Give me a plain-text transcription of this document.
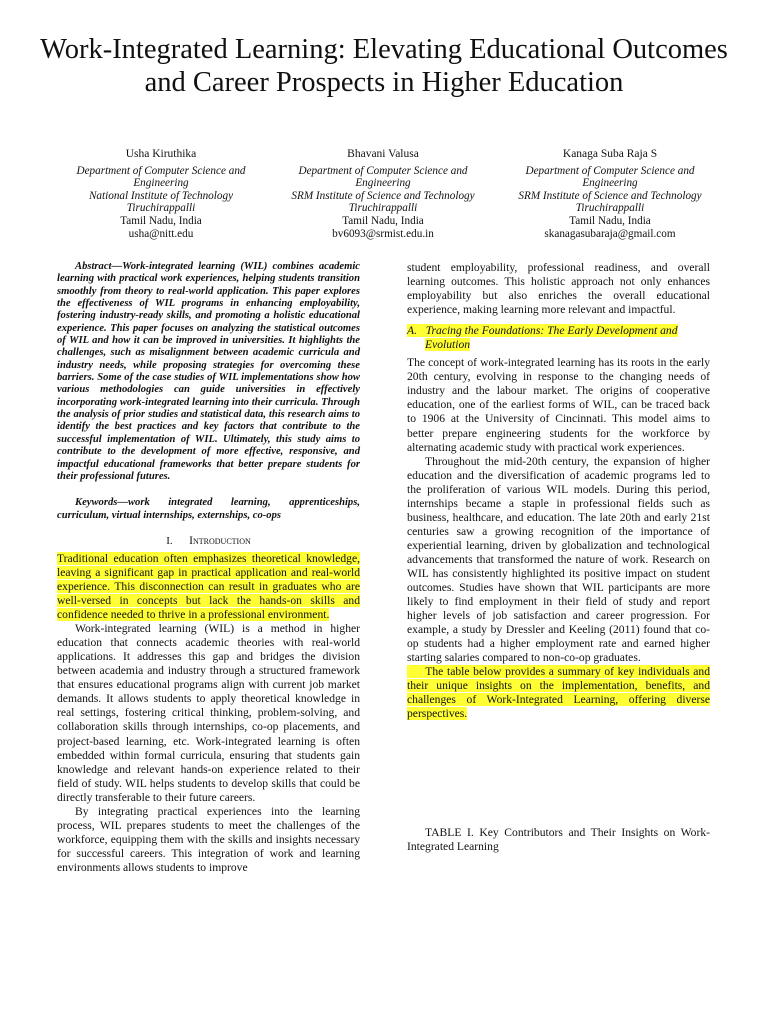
Work-Integrated Learning: Elevating Educational Outcomes and Career Prospects in Higher Education
Usha Kiruthika
Department of Computer Science and Engineering
National Institute of Technology Tiruchirappalli
Tamil Nadu, India
usha@nitt.edu
Bhavani Valusa
Department of Computer Science and Engineering
SRM Institute of Science and Technology Tiruchirappalli
Tamil Nadu, India
bv6093@srmist.edu.in
Kanaga Suba Raja S
Department of Computer Science and Engineering
SRM Institute of Science and Technology Tiruchirappalli
Tamil Nadu, India
skanagasubaraja@gmail.com

Abstract—Work-integrated learning (WIL) combines academic learning with practical work experiences, helping students transition smoothly from theory to real-world application. This paper explores the effectiveness of WIL programs in enhancing employability, fostering industry-ready skills, and promoting a holistic educational experience. This paper focuses on analyzing the statistical outcomes of WIL and how it can be improved in universities. It highlights the challenges, such as misalignment between academic curricula and industry needs, while proposing strategies for overcoming these barriers. Some of the case studies of WIL implementations show how various methodologies can guide universities in effectively incorporating work-integrated learning into their curricula. Through the analysis of prior studies and statistical data, this research aims to identify the best practices and key factors that contribute to the successful implementation of WIL. Ultimately, this study aims to contribute to the development of more effective, responsive, and impactful educational frameworks that better prepare students for their professional futures.

Keywords—work integrated learning, apprenticeships, curriculum, virtual internships, externships, co-ops

I. Introduction

Traditional education often emphasizes theoretical knowledge, leaving a significant gap in practical application and real-world experience. This disconnection can result in graduates who are well-versed in concepts but lack the hands-on skills and confidence needed to thrive in a professional environment.

Work-integrated learning (WIL) is a method in higher education that connects academic theories with real-world applications. It addresses this gap and bridges the division between academia and industry through a structured framework that ensures educational programs align with current job market demands. It allows students to apply theoretical knowledge in real settings, fostering critical thinking, problem-solving, and collaboration skills through internships, co-op placements, and project-based learning, etc. Work-integrated learning is often embedded within formal curricula, ensuring that students gain knowledge and relevant hands-on experience related to their field of study. WIL helps students to develop skills that could be directly transferable to their future careers.

By integrating practical experiences into the learning process, WIL prepares students to meet the challenges of the workforce, equipping them with the skills and insights necessary for successful careers. This integration of work and learning environments allows students to improve

student employability, professional readiness, and overall learning outcomes. This holistic approach not only enhances employability but also enriches the overall educational experience, making learning more relevant and impactful.

A. Tracing the Foundations: The Early Development and Evolution

The concept of work-integrated learning has its roots in the early 20th century, evolving in response to the changing needs of industry and the labour market. The origins of cooperative education, one of the earliest forms of WIL, can be traced back to 1906 at the University of Cincinnati. This model aims to better prepare engineering students for the workforce by alternating academic study with practical work experiences.

Throughout the mid-20th century, the expansion of higher education and the diversification of academic programs led to the proliferation of various WIL models. During this period, internships became a staple in professional fields such as business, healthcare, and education. The late 20th and early 21st centuries saw a growing recognition of the importance of experiential learning, driven by globalization and technological advancements that transformed the nature of work. Research on WIL has consistently highlighted its positive impact on student outcomes. Studies have shown that WIL participants are more likely to find employment in their field of study and report higher levels of job satisfaction and career progression. For example, a study by Dressler and Keeling (2011) found that co-op students had a higher employment rate and earned higher starting salaries compared to non-co-op graduates.

The table below provides a summary of key individuals and their unique insights on the implementation, benefits, and challenges of Work-Integrated Learning, offering diverse perspectives.

TABLE I. Key Contributors and Their Insights on Work-Integrated Learning
